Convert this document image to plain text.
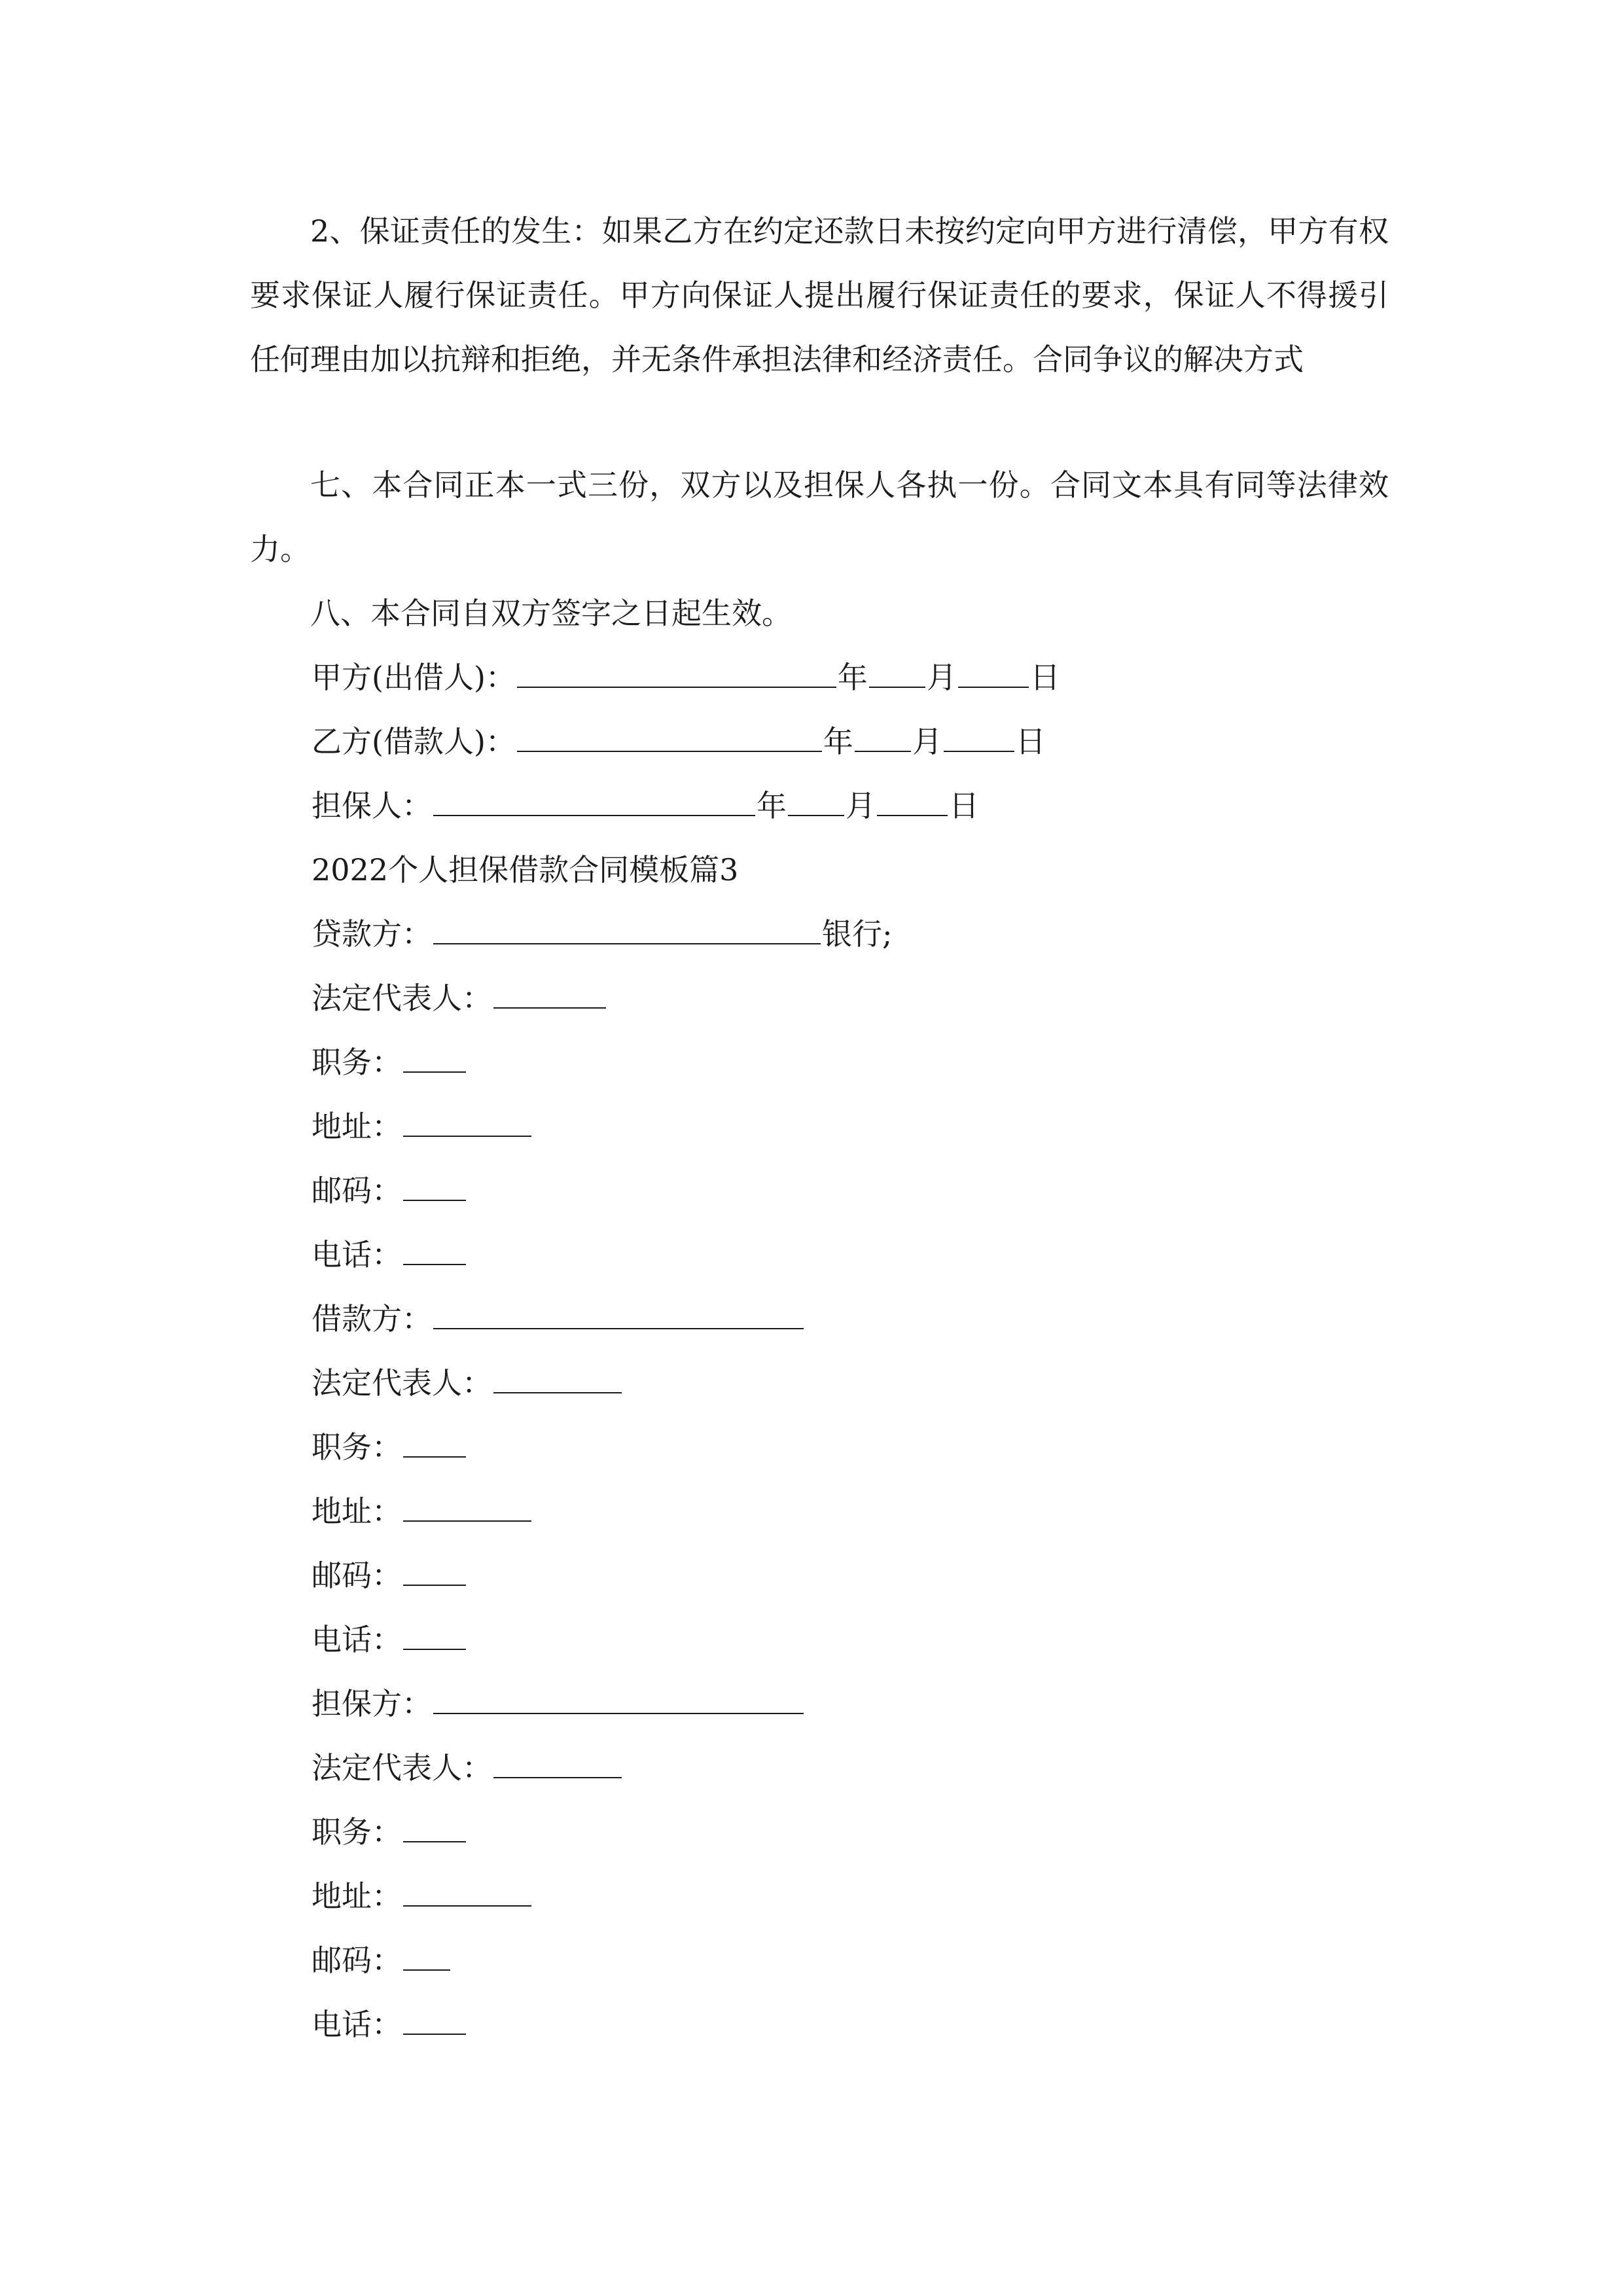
2、保证责任的发生：如果乙方在约定还款日未按约定向甲方进行清偿，甲方有权要求保证人履行保证责任。甲方向保证人提出履行保证责任的要求，保证人不得援引任何理由加以抗辩和拒绝，并无条件承担法律和经济责任。合同争议的解决方式

七、本合同正本一式三份，双方以及担保人各执一份。合同文本具有同等法律效力。

八、本合同自双方签字之日起生效。

甲方(出借人)：	年 月 日
乙方(借款人)：	年 月 日
担保人：	年 月 日
2022个人担保借款合同模板篇3
贷款方：	银行;
法定代表人：
职务：
地址：
邮码：
电话：
借款方：
法定代表人：
职务：
地址：
邮码：
电话：
担保方：
法定代表人：
职务：
地址：
邮码：
电话：
